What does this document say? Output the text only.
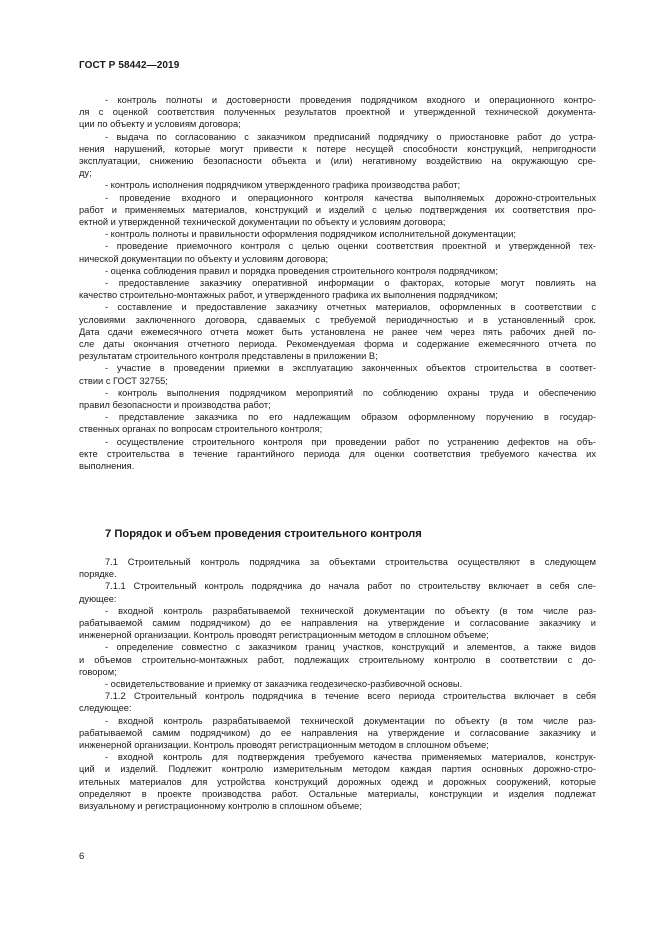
ГОСТ Р 58442—2019
- контроль полноты и достоверности проведения подрядчиком входного и операционного контро-
ля с оценкой соответствия полученных результатов проектной и утвержденной технической документа-
ции по объекту и условиям договора;
- выдача по согласованию с заказчиком предписаний подрядчику о приостановке работ до устра-
нения нарушений, которые могут привести к потере несущей способности конструкций, непригодности
эксплуатации, снижению безопасности объекта и (или) негативному воздействию на окружающую сре-
ду;
- контроль исполнения подрядчиком утвержденного графика производства работ;
- проведение входного и операционного контроля качества выполняемых дорожно-строительных
работ и применяемых материалов, конструкций и изделий с целью подтверждения их соответствия про-
ектной и утвержденной технической документации по объекту и условиям договора;
- контроль полноты и правильности оформления подрядчиком исполнительной документации;
- проведение приемочного контроля с целью оценки соответствия проектной и утвержденной тех-
нической документации по объекту и условиям договора;
- оценка соблюдения правил и порядка проведения строительного контроля подрядчиком;
- предоставление заказчику оперативной информации о факторах, которые могут повлиять на
качество строительно-монтажных работ, и утвержденного графика их выполнения подрядчиком;
- составление и предоставление заказчику отчетных материалов, оформленных в соответствии с
условиями заключенного договора, сдаваемых с требуемой периодичностью и в установленный срок.
Дата сдачи ежемесячного отчета может быть установлена не ранее чем через пять рабочих дней по-
сле даты окончания отчетного периода. Рекомендуемая форма и содержание ежемесячного отчета по
результатам строительного контроля представлены в приложении В;
- участие в проведении приемки в эксплуатацию законченных объектов строительства в соответ-
ствии с ГОСТ 32755;
- контроль выполнения подрядчиком мероприятий по соблюдению охраны труда и обеспечению
правил безопасности и производства работ;
- представление заказчика по его надлежащим образом оформленному поручению в государ-
ственных органах по вопросам строительного контроля;
- осуществление строительного контроля при проведении работ по устранению дефектов на объ-
екте строительства в течение гарантийного периода для оценки соответствия требуемого качества их
выполнения.
7 Порядок и объем проведения строительного контроля
7.1 Строительный контроль подрядчика за объектами строительства осуществляют в следующем
порядке.
7.1.1 Строительный контроль подрядчика до начала работ по строительству включает в себя сле-
дующее:
- входной контроль разрабатываемой технической документации по объекту (в том числе раз-
рабатываемой самим подрядчиком) до ее направления на утверждение и согласование заказчику и
инженерной организации. Контроль проводят регистрационным методом в сплошном объеме;
- определение совместно с заказчиком границ участков, конструкций и элементов, а также видов
и объемов строительно-монтажных работ, подлежащих строительному контролю в соответствии с до-
говором;
- освидетельствование и приемку от заказчика геодезическо-разбивочной основы.
7.1.2 Строительный контроль подрядчика в течение всего периода строительства включает в себя
следующее:
- входной контроль разрабатываемой технической документации по объекту (в том числе раз-
рабатываемой самим подрядчиком) до ее направления на утверждение и согласование заказчику и
инженерной организации. Контроль проводят регистрационным методом в сплошном объеме;
- входной контроль для подтверждения требуемого качества применяемых материалов, конструк-
ций и изделий. Подлежит контролю измерительным методом каждая партия основных дорожно-стро-
ительных материалов для устройства конструкций дорожных одежд и дорожных сооружений, которые
определяют в проекте производства работ. Остальные материалы, конструкции и изделия подлежат
визуальному и регистрационному контролю в сплошном объеме;
6
